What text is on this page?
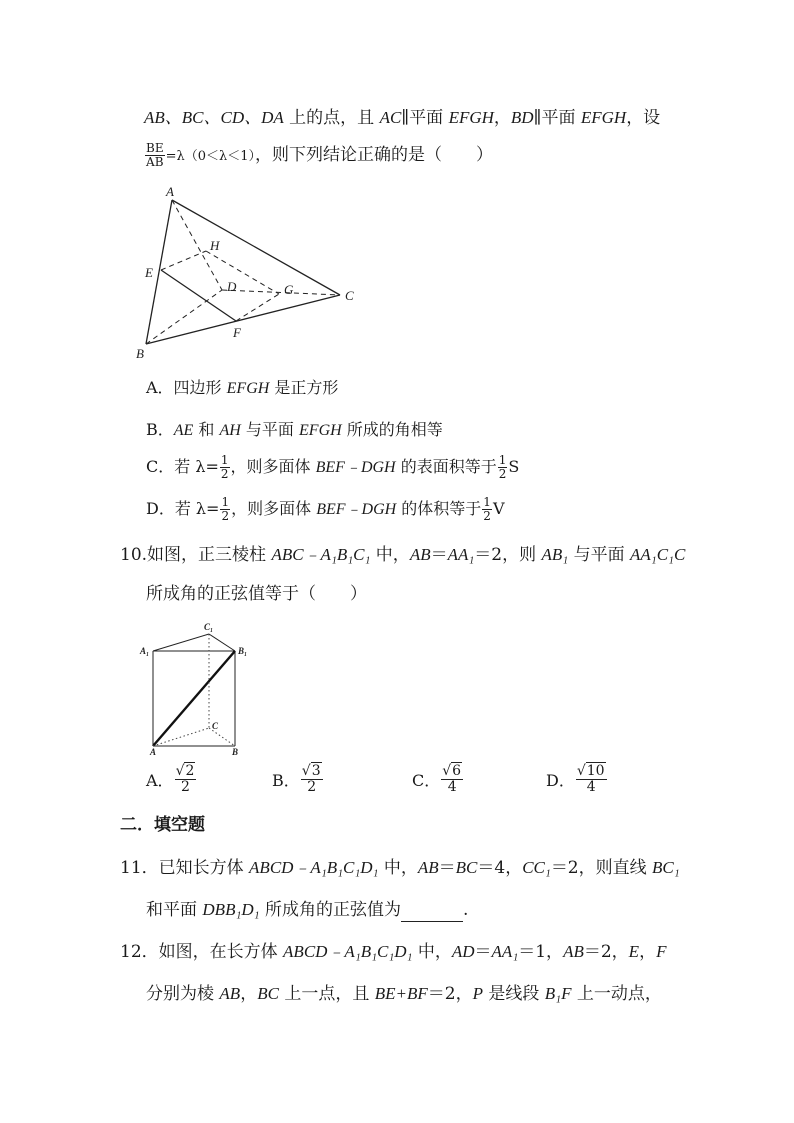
AB、BC、CD、DA 上的点，且 AC∥平面 EFGH，BD∥平面 EFGH，设
$\frac{BE}{AB} =\lambda(0<\lambda<1)$，则下列结论正确的是（　　）
A
B
C
D
E
F
G
H
A．四边形 EFGH 是正方形
B．AE 和 AH 与平面 EFGH 所成的角相等
C．若 $\lambda= \frac{1}{2}$ ，则多面体 BEF﹣DGH 的表面积等于 $\frac{1}{2}$ S
D．若 $\lambda= \frac{1}{2}$ ，则多面体 BEF﹣DGH 的体积等于 $\frac{1}{2}$ V
10.如图，正三棱柱 ABC﹣A₁B₁C₁ 中，AB＝AA₁＝2，则 AB₁ 与平面 AA₁C₁C
所成角的正弦值等于（　　）
A₁	B₁
C₁
A	B
C
A． $\frac{√2}{2}$	B． $\frac{√3}{2}$	C． $\frac{√6}{4}$	D． $\frac{√10}{4}$
二．填空题
11．已知长方体 ABCD﹣A₁B₁C₁D₁ 中，AB＝BC＝4，CC₁＝2，则直线 BC₁
和平面 DBB₁D₁ 所成角的正弦值为	.
12．如图，在长方体 ABCD﹣A₁B₁C₁D₁ 中，AD＝AA₁＝1，AB＝2，E，F
分别为棱 AB，BC 上一点，且 BE+BF＝2，P 是线段 B₁F 上一动点，
